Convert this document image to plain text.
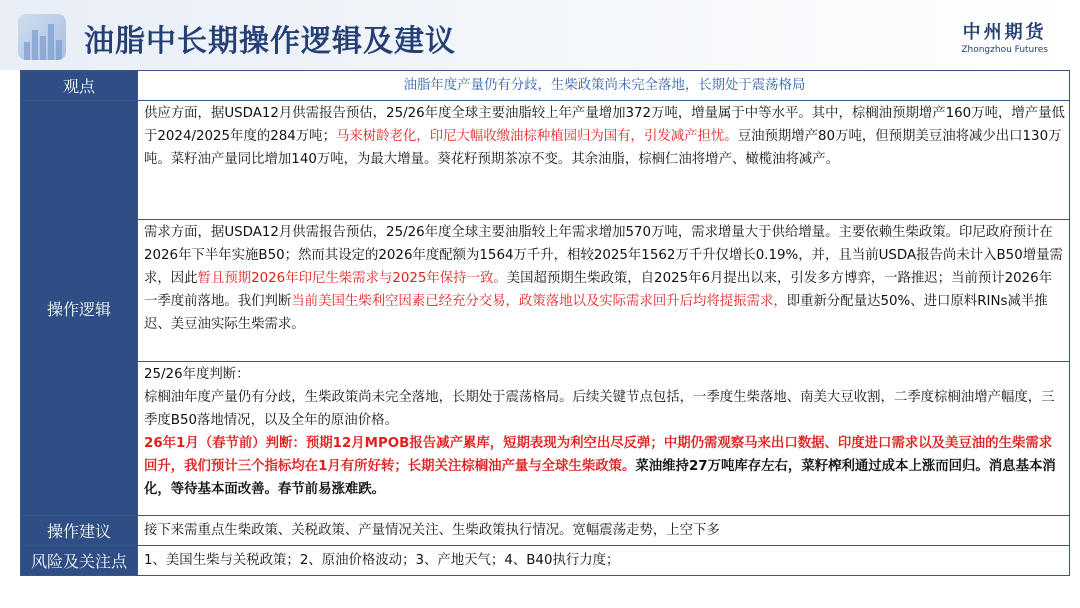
油脂中长期操作逻辑及建议	中州期货
Zhongzhou Futures
观点	油脂年度产量仍有分歧，生柴政策尚未完全落地，长期处于震荡格局
操作逻辑	供应方面，据USDA12月供需报告预估，25/26年度全球主要油脂较上年产量增加372万吨，增量属于中等水平。其中，棕榈油预期增产160万吨，增产量低于2024/2025年度的284万吨；马来树龄老化，印尼大幅收缴油棕种植园归为国有，引发减产担忧。豆油预期增产80万吨，但预期美豆油将减少出口130万吨。菜籽油产量同比增加140万吨，为最大增量。葵花籽预期茶凉不变。其余油脂，棕榈仁油将增产、橄榄油将减产。
	需求方面，据USDA12月供需报告预估，25/26年度全球主要油脂较上年需求增加570万吨，需求增量大于供给增量。主要依赖生柴政策。印尼政府预计在2026年下半年实施B50；然而其设定的2026年度配额为1564万千升，相较2025年1562万千升仅增长0.19%，并，且当前USDA报告尚未计入B50增量需求，因此暂且预期2026年印尼生柴需求与2025年保持一致。美国超预期生柴政策，自2025年6月提出以来，引发多方博弈，一路推迟；当前预计2026年一季度前落地。我们判断当前美国生柴利空因素已经充分交易，政策落地以及实际需求回升后均将提振需求，即重新分配量达50%、进口原料RINs减半推迟、美豆油实际生柴需求。

	25/26年度判断：
棕榈油年度产量仍有分歧，生柴政策尚未完全落地，长期处于震荡格局。后续关键节点包括，一季度生柴落地、南美大豆收割，二季度棕榈油增产幅度，三季度B50落地情况，以及全年的原油价格。
26年1月（春节前）判断：预期12月MPOB报告减产累库，短期表现为利空出尽反弹；中期仍需观察马来出口数据、印度进口需求以及美豆油的生柴需求回升，我们预计三个指标均在1月有所好转；长期关注棕榈油产量与全球生柴政策。菜油维持27万吨库存左右，菜籽榨利通过成本上涨而回归。消息基本消化，等待基本面改善。春节前易涨难跌。

操作建议	接下来需重点生柴政策、关税政策、产量情况关注、生柴政策执行情况。宽幅震荡走势，上空下多
风险及关注点	1、美国生柴与关税政策；2、原油价格波动；3、产地天气；4、B40执行力度；
